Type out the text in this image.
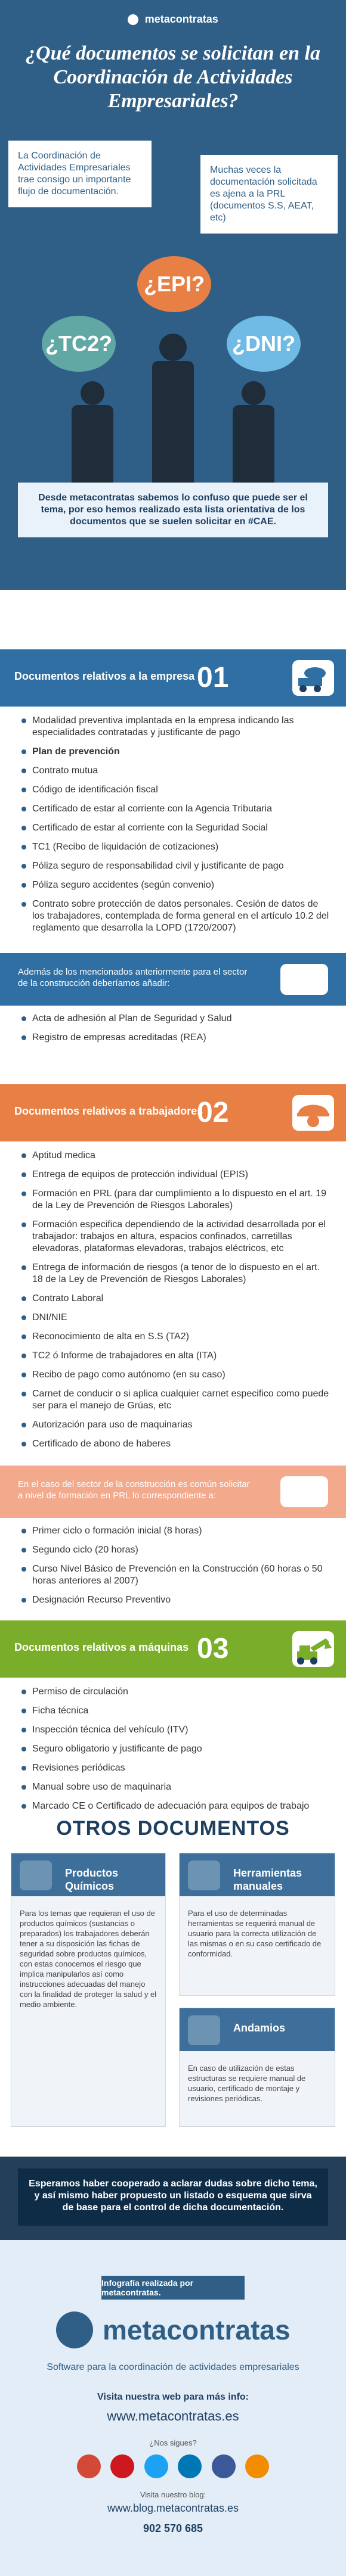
metacontratas
¿Qué documentos se solicitan en la Coordinación de Actividades Empresariales?
La Coordinación de Actividades Empresariales trae consigo un importante flujo de documentación.
Muchas veces la documentación solicitada es ajena a la PRL (documentos S.S, AEAT, etc)
¿EPI?
¿TC2?	¿DNI?
Desde metacontratas sabemos lo confuso que puede ser el tema, por eso hemos realizado esta lista orientativa de los documentos que se suelen solicitar en #CAE.
Documentos relativos a la empresa 01
Modalidad preventiva implantada en la empresa indicando las especialidades contratadas y justificante de pago
Plan de prevención
Contrato mutua
Código de identificación fiscal
Certificado de estar al corriente con la Agencia Tributaria
Certificado de estar al corriente con la Seguridad Social
TC1 (Recibo de liquidación de cotizaciones)
Póliza seguro de responsabilidad civil y justificante de pago
Póliza seguro accidentes (según convenio)
Contrato sobre protección de datos personales. Cesión de datos de los trabajadores, contemplada de forma general en el artículo 10.2 del reglamento que desarrolla la LOPD (1720/2007)
Además de los mencionados anteriormente para el sector de la construcción deberíamos añadir:
Acta de adhesión al Plan de Seguridad y Salud
Registro de empresas acreditadas (REA)
Documentos relativos a trabajadores
02
Aptitud medica
Entrega de equipos de protección individual (EPIS)
Formación en PRL (para dar cumplimiento a lo dispuesto en el art. 19 de la Ley de Prevención de Riesgos Laborales)
Formación especifica dependiendo de la actividad desarrollada por el trabajador: trabajos en altura, espacios confinados, carretillas elevadoras, plataformas elevadoras, trabajos eléctricos, etc
Entrega de información de riesgos (a tenor de lo dispuesto en el art. 18 de la Ley de Prevención de Riesgos Laborales)
Contrato Laboral
DNI/NIE
Reconocimiento de alta en S.S (TA2)
TC2 ó Informe de trabajadores en alta (ITA)
Recibo de pago como autónomo (en su caso)
Carnet de conducir o si aplica cualquier carnet especifico como puede ser para el manejo de Grúas, etc
Autorización para uso de maquinarias
Certificado de abono de haberes
En el caso del sector de la construcción es común solicitar a nivel de formación en PRL lo correspondiente a:
Primer ciclo o formación inicial (8 horas)
Segundo ciclo (20 horas)
Curso Nivel Básico de Prevención en la Construcción (60 horas o 50 horas anteriores al 2007)
Designación Recurso Preventivo
Documentos relativos a máquinas 03
Permiso de circulación
Ficha técnica
Inspección técnica del vehículo (ITV)
Seguro obligatorio y justificante de pago
Revisiones periódicas
Manual sobre uso de maquinaria
Marcado CE o Certificado de adecuación para equipos de trabajo
OTROS DOCUMENTOS
Productos Químicos
Para los temas que requieran el uso de productos químicos (sustancias o preparados) los trabajadores deberán tener a su disposición las fichas de seguridad sobre productos químicos, con estas conocemos el riesgo que implica manipularlos así como instrucciones adecuadas del manejo con la finalidad de proteger la salud y el medio ambiente.
Herramientas manuales
Para el uso de determinadas herramientas se requerirá manual de usuario para la correcta utilización de las mismas o en su caso certificado de conformidad.
Andamios
En caso de utilización de estas estructuras se requiere manual de usuario, certificado de montaje y revisiones periódicas.
Esperamos haber cooperado a aclarar dudas sobre dicho tema, y así mismo haber propuesto un listado o esquema que sirva de base para el control de dicha documentación.
Infografía realizada por metacontratas.
metacontratas
Software para la coordinación de actividades empresariales
Visita nuestra web para más info:
www.metacontratas.es
¿Nos sigues?

Visita nuestro blog:
www.blog.metacontratas.es
902 570 685
